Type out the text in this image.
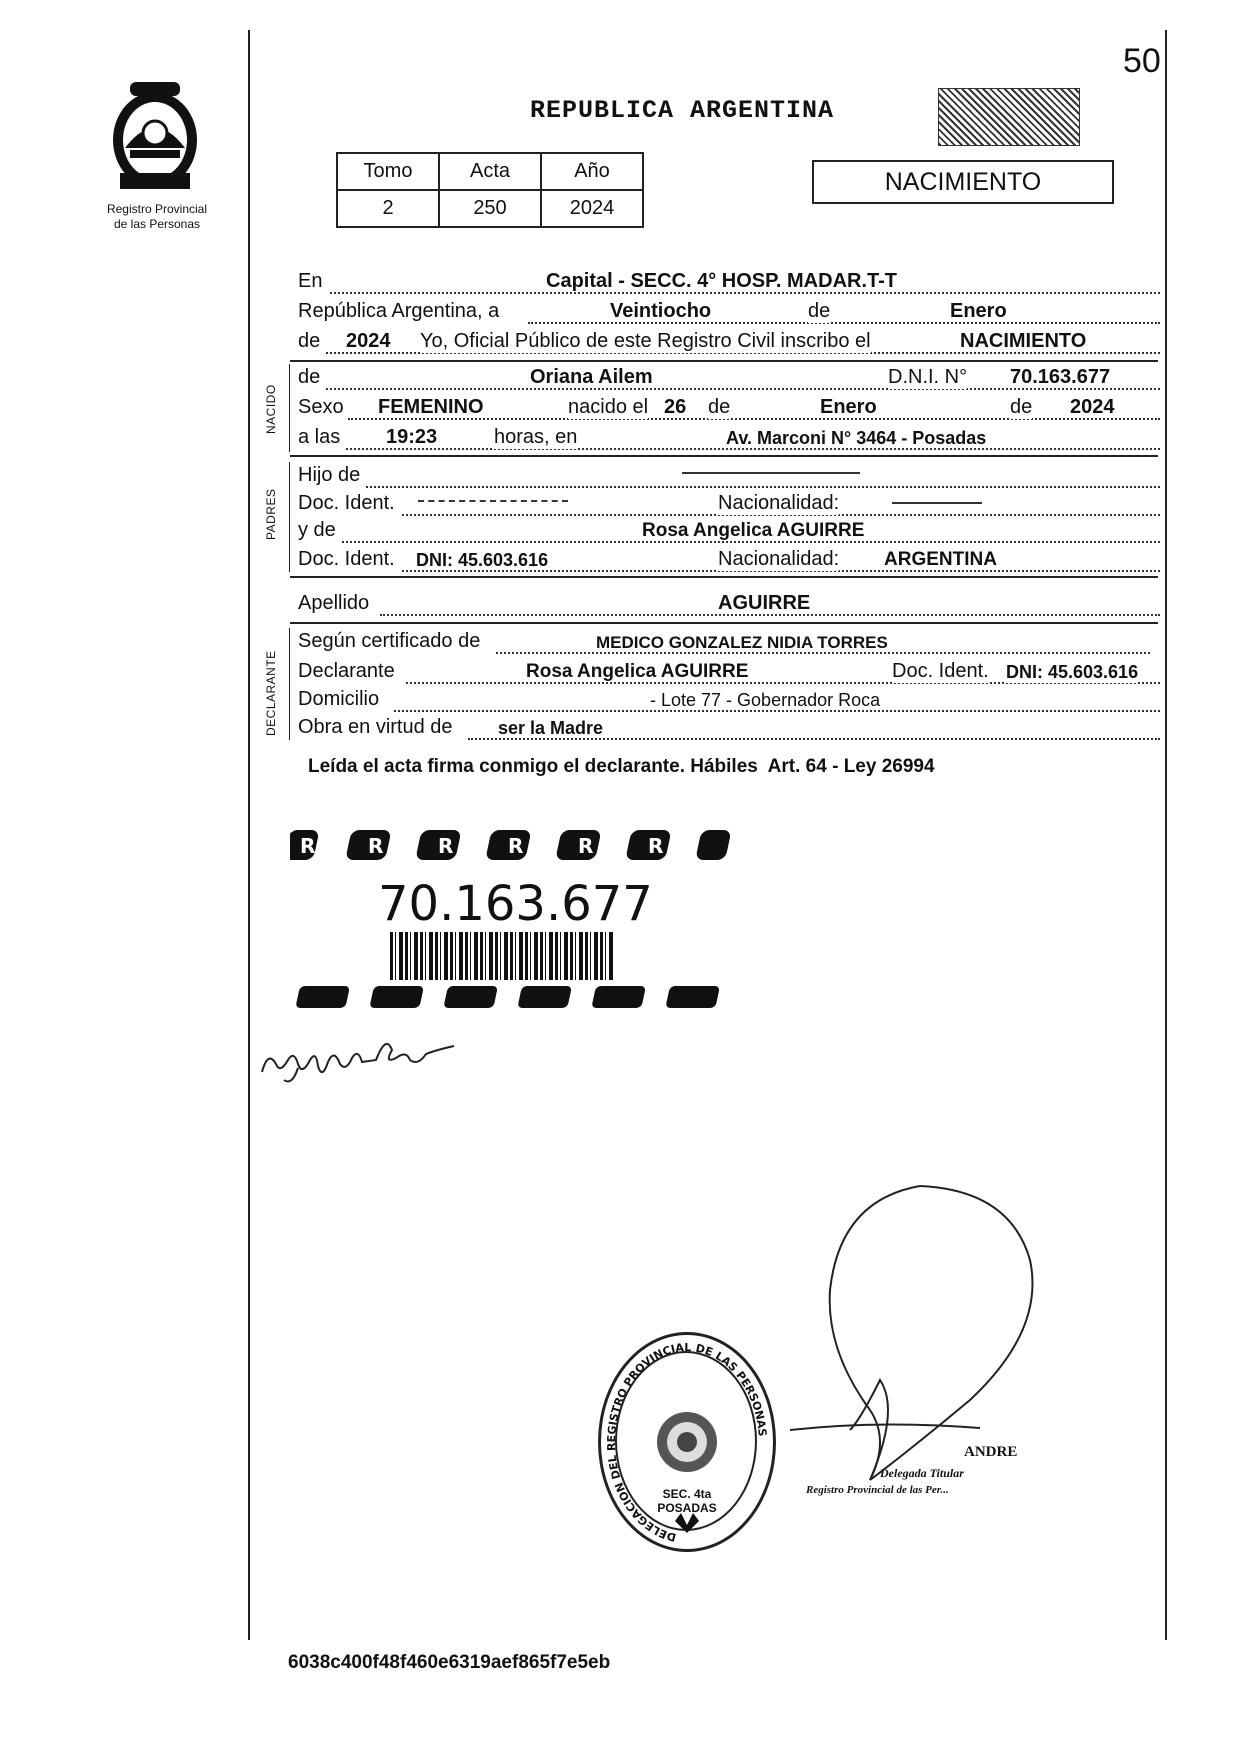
50
Registro Provincial
de las Personas
REPUBLICA ARGENTINA
Tomo	Acta	Año
2	250	2024
NACIMIENTO
En	Capital - SECC. 4° HOSP. MADAR.T-T
República Argentina, a	Veintiocho	de	Enero
de 2024 Yo, Oficial Público de este Registro Civil inscribo el	NACIMIENTO
NACIDO
de	Oriana Ailem	D.N.I. N° 70.163.677
Sexo FEMENINO	nacido el 26 de	Enero	de 2024
a las 19:23	horas, en	Av. Marconi N° 3464 - Posadas
PADRES
Hijo de
Doc. Ident.	Nacionalidad:
y de	Rosa Angelica AGUIRRE
Doc. Ident. DNI: 45.603.616	Nacionalidad: ARGENTINA
Apellido	AGUIRRE
DECLARANTE
Según certificado de	MEDICO GONZALEZ NIDIA TORRES
Declarante	Rosa Angelica AGUIRRE	Doc. Ident. DNI: 45.603.616
Domicilio	- Lote 77 - Gobernador Roca
Obra en virtud de	ser la Madre
Leída el acta firma conmigo el declarante. Hábiles  Art. 64 - Ley 26994
R	R	R	R	R	R
70.163.677
DELEGACION DEL REGISTRO PROVINCIAL DE LAS PERSONAS
SEC. 4ta POSADAS
ANDRE
Delegada Titular
Registro Provincial de las Per...
6038c400f48f460e6319aef865f7e5eb
